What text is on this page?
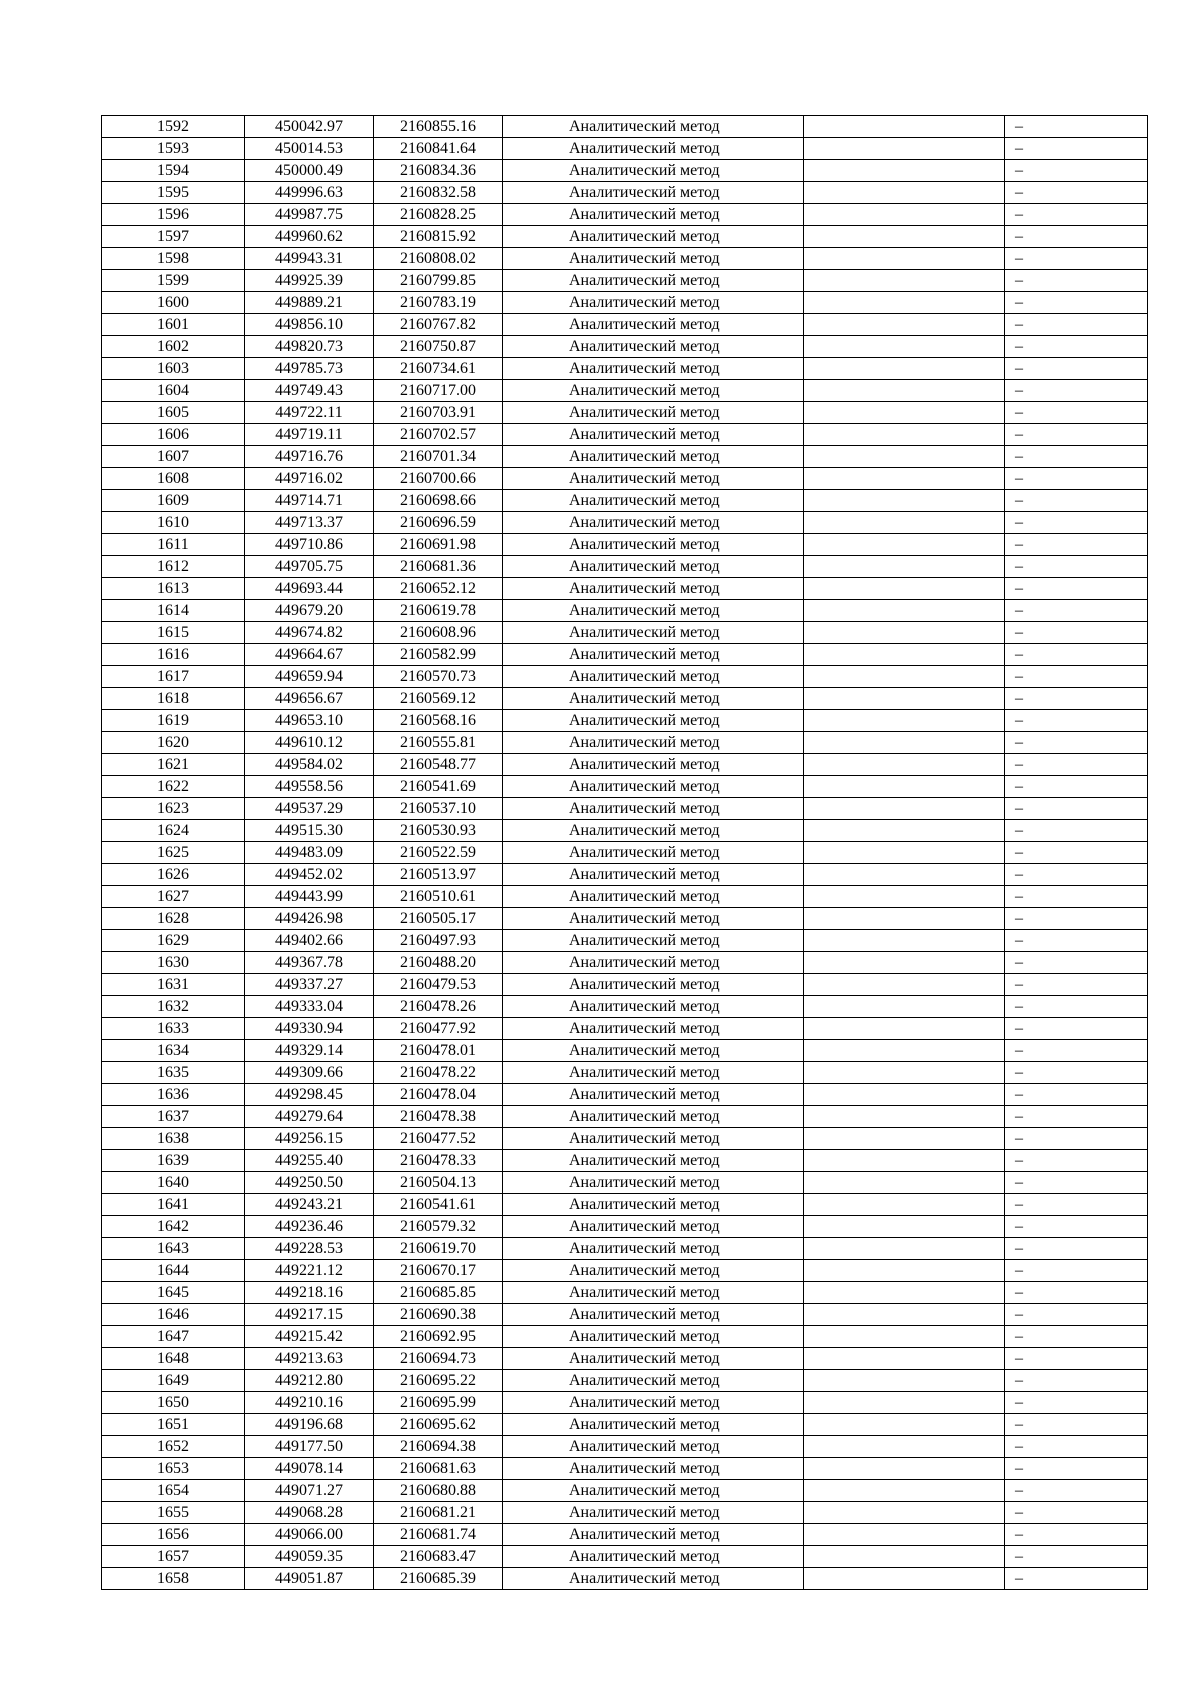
1592	450042.97	2160855.16	Аналитический метод		–
1593	450014.53	2160841.64	Аналитический метод		–
1594	450000.49	2160834.36	Аналитический метод		–
1595	449996.63	2160832.58	Аналитический метод		–
1596	449987.75	2160828.25	Аналитический метод		–
1597	449960.62	2160815.92	Аналитический метод		–
1598	449943.31	2160808.02	Аналитический метод		–
1599	449925.39	2160799.85	Аналитический метод		–
1600	449889.21	2160783.19	Аналитический метод		–
1601	449856.10	2160767.82	Аналитический метод		–
1602	449820.73	2160750.87	Аналитический метод		–
1603	449785.73	2160734.61	Аналитический метод		–
1604	449749.43	2160717.00	Аналитический метод		–
1605	449722.11	2160703.91	Аналитический метод		–
1606	449719.11	2160702.57	Аналитический метод		–
1607	449716.76	2160701.34	Аналитический метод		–
1608	449716.02	2160700.66	Аналитический метод		–
1609	449714.71	2160698.66	Аналитический метод		–
1610	449713.37	2160696.59	Аналитический метод		–
1611	449710.86	2160691.98	Аналитический метод		–
1612	449705.75	2160681.36	Аналитический метод		–
1613	449693.44	2160652.12	Аналитический метод		–
1614	449679.20	2160619.78	Аналитический метод		–
1615	449674.82	2160608.96	Аналитический метод		–
1616	449664.67	2160582.99	Аналитический метод		–
1617	449659.94	2160570.73	Аналитический метод		–
1618	449656.67	2160569.12	Аналитический метод		–
1619	449653.10	2160568.16	Аналитический метод		–
1620	449610.12	2160555.81	Аналитический метод		–
1621	449584.02	2160548.77	Аналитический метод		–
1622	449558.56	2160541.69	Аналитический метод		–
1623	449537.29	2160537.10	Аналитический метод		–
1624	449515.30	2160530.93	Аналитический метод		–
1625	449483.09	2160522.59	Аналитический метод		–
1626	449452.02	2160513.97	Аналитический метод		–
1627	449443.99	2160510.61	Аналитический метод		–
1628	449426.98	2160505.17	Аналитический метод		–
1629	449402.66	2160497.93	Аналитический метод		–
1630	449367.78	2160488.20	Аналитический метод		–
1631	449337.27	2160479.53	Аналитический метод		–
1632	449333.04	2160478.26	Аналитический метод		–
1633	449330.94	2160477.92	Аналитический метод		–
1634	449329.14	2160478.01	Аналитический метод		–
1635	449309.66	2160478.22	Аналитический метод		–
1636	449298.45	2160478.04	Аналитический метод		–
1637	449279.64	2160478.38	Аналитический метод		–
1638	449256.15	2160477.52	Аналитический метод		–
1639	449255.40	2160478.33	Аналитический метод		–
1640	449250.50	2160504.13	Аналитический метод		–
1641	449243.21	2160541.61	Аналитический метод		–
1642	449236.46	2160579.32	Аналитический метод		–
1643	449228.53	2160619.70	Аналитический метод		–
1644	449221.12	2160670.17	Аналитический метод		–
1645	449218.16	2160685.85	Аналитический метод		–
1646	449217.15	2160690.38	Аналитический метод		–
1647	449215.42	2160692.95	Аналитический метод		–
1648	449213.63	2160694.73	Аналитический метод		–
1649	449212.80	2160695.22	Аналитический метод		–
1650	449210.16	2160695.99	Аналитический метод		–
1651	449196.68	2160695.62	Аналитический метод		–
1652	449177.50	2160694.38	Аналитический метод		–
1653	449078.14	2160681.63	Аналитический метод		–
1654	449071.27	2160680.88	Аналитический метод		–
1655	449068.28	2160681.21	Аналитический метод		–
1656	449066.00	2160681.74	Аналитический метод		–
1657	449059.35	2160683.47	Аналитический метод		–
1658	449051.87	2160685.39	Аналитический метод		–
